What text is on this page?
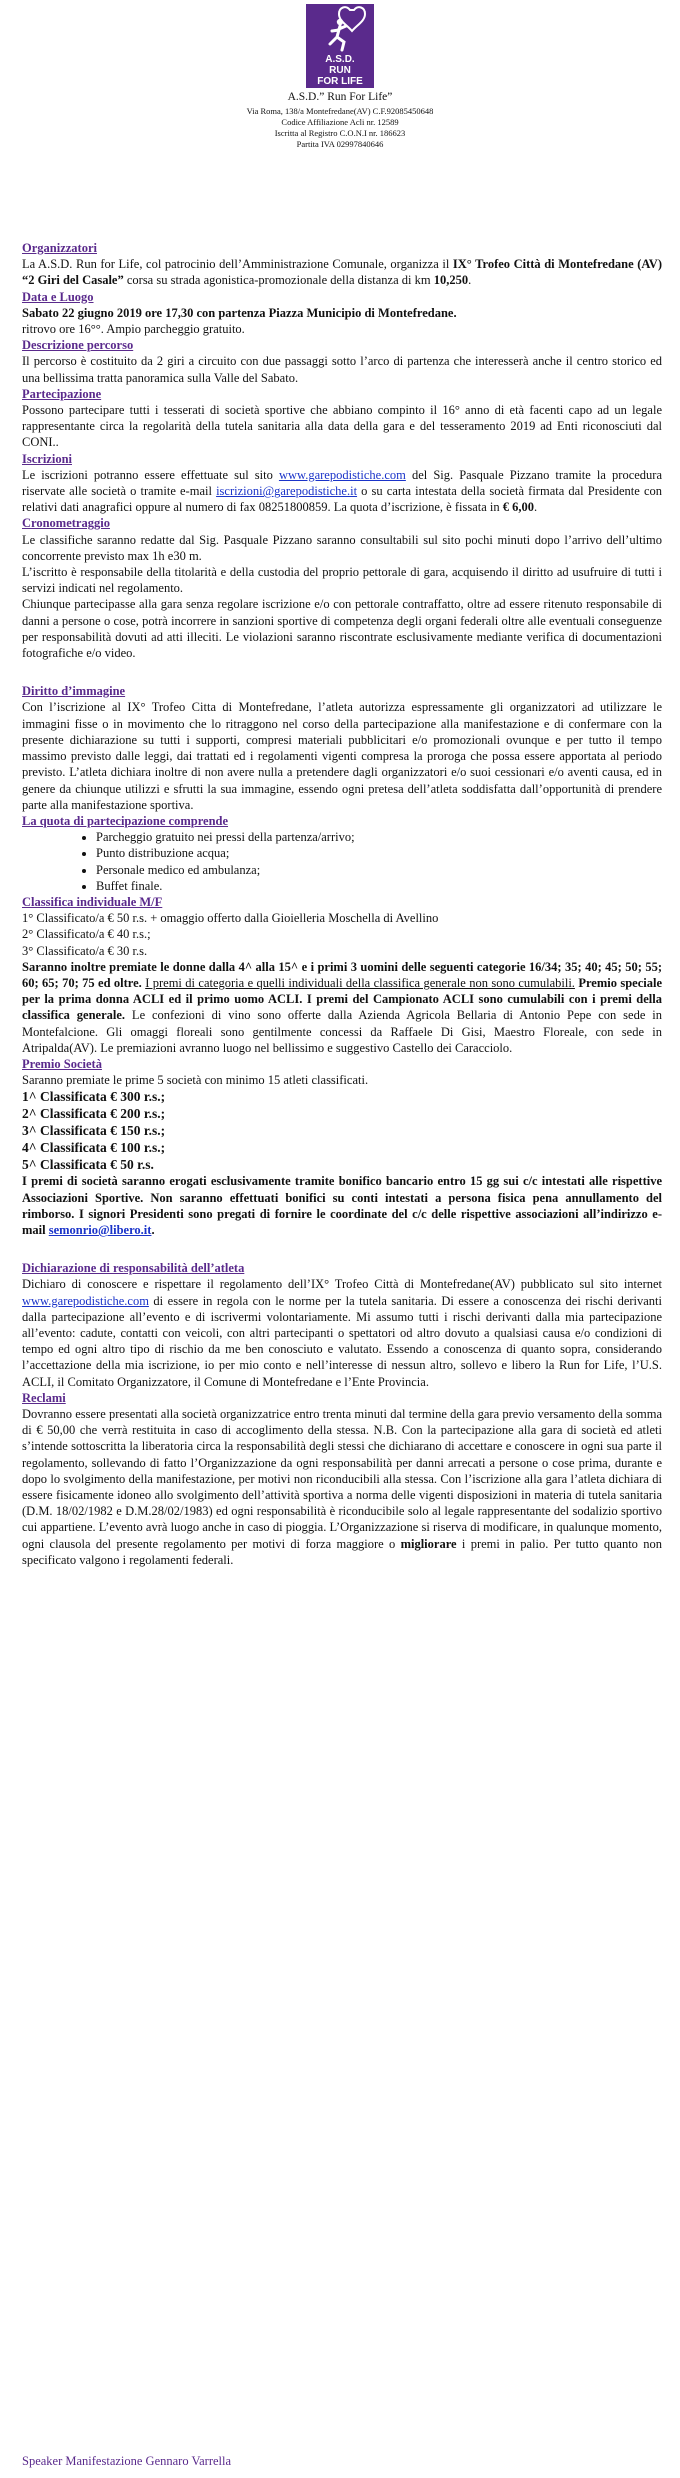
A.S.D.
RUN
FOR LIFE
A.S.D.” Run For Life”
Via Roma, 138/a Montefredane(AV) C.F.92085450648
Codice Affiliazione Acli nr. 12589
Iscritta al Registro C.O.N.I nr. 186623
Partita IVA 02997840646
Organizzatori

La A.S.D. Run for Life, col patrocinio dell’Amministrazione Comunale, organizza il IX° Trofeo Città di Montefredane (AV) “2 Giri del Casale” corsa su strada agonistica-promozionale della distanza di km 10,250.

Data e Luogo

Sabato 22 giugno 2019 ore 17,30 con partenza Piazza Municipio di Montefredane.
ritrovo ore 16°°. Ampio parcheggio gratuito.

Descrizione percorso

Il percorso è costituito da 2 giri a circuito con due passaggi sotto l’arco di partenza che interesserà anche il centro storico ed una bellissima tratta panoramica sulla Valle del Sabato.

Partecipazione

Possono partecipare tutti i tesserati di società sportive che abbiano compinto il 16° anno di età facenti capo ad un legale rappresentante circa la regolarità della tutela sanitaria alla data della gara e del tesseramento 2019 ad Enti riconosciuti dal CONI..

Iscrizioni

Le iscrizioni potranno essere effettuate sul sito www.garepodistiche.com del Sig. Pasquale Pizzano tramite la procedura riservate alle società o tramite e-mail iscrizioni@garepodistiche.it o su carta intestata della società firmata dal Presidente con relativi dati anagrafici oppure al numero di fax 08251800859. La quota d’iscrizione, è fissata in € 6,00.

Cronometraggio

Le classifiche saranno redatte dal Sig. Pasquale Pizzano saranno consultabili sul sito pochi minuti dopo l’arrivo dell’ultimo concorrente previsto max 1h e30 m.

L’iscritto è responsabile della titolarità e della custodia del proprio pettorale di gara, acquisendo il diritto ad usufruire di tutti i servizi indicati nel regolamento.

Chiunque partecipasse alla gara senza regolare iscrizione e/o con pettorale contraffatto, oltre ad essere ritenuto responsabile di danni a persone o cose, potrà incorrere in sanzioni sportive di competenza degli organi federali oltre alle eventuali conseguenze per responsabilità dovuti ad atti illeciti. Le violazioni saranno riscontrate esclusivamente mediante verifica di documentazioni fotografiche e/o video.

Diritto d’immagine

Con l’iscrizione al IX° Trofeo Citta di Montefredane, l’atleta autorizza espressamente gli organizzatori ad utilizzare le immagini fisse o in movimento che lo ritraggono nel corso della partecipazione alla manifestazione e di confermare con la presente dichiarazione su tutti i supporti, compresi materiali pubblicitari e/o promozionali ovunque e per tutto il tempo massimo previsto dalle leggi, dai trattati ed i regolamenti vigenti compresa la proroga che possa essere apportata al periodo previsto. L’atleta dichiara inoltre di non avere nulla a pretendere dagli organizzatori e/o suoi cessionari e/o aventi causa, ed in genere da chiunque utilizzi e sfrutti la sua immagine, essendo ogni pretesa dell’atleta soddisfatta dall’opportunità di prendere parte alla manifestazione sportiva.

La quota di partecipazione comprende
• Parcheggio gratuito nei pressi della partenza/arrivo;
• Punto distribuzione acqua;
• Personale medico ed ambulanza;
• Buffet finale.
Classifica individuale M/F

1° Classificato/a € 50 r.s. + omaggio offerto dalla Gioielleria Moschella di Avellino

2° Classificato/a € 40 r.s.;

3° Classificato/a € 30 r.s.

Saranno inoltre premiate le donne dalla 4^ alla 15^ e i primi 3 uomini delle seguenti categorie 16/34; 35; 40; 45; 50; 55; 60; 65; 70; 75 ed oltre. I premi di categoria e quelli individuali della classifica generale non sono cumulabili. Premio speciale per la prima donna ACLI ed il primo uomo ACLI. I premi del Campionato ACLI sono cumulabili con i premi della classifica generale. Le confezioni di vino sono offerte dalla Azienda Agricola Bellaria di Antonio Pepe con sede in Montefalcione. Gli omaggi floreali sono gentilmente concessi da Raffaele Di Gisi, Maestro Floreale, con sede in Atripalda(AV). Le premiazioni avranno luogo nel bellissimo e suggestivo Castello dei Caracciolo.

Premio Società

Saranno premiate le prime 5 società con minimo 15 atleti classificati.

1^ Classificata € 300 r.s.;
2^ Classificata € 200 r.s.;
3^ Classificata € 150 r.s.;
4^ Classificata € 100 r.s.;
5^ Classificata € 50 r.s.

I premi di società saranno erogati esclusivamente tramite bonifico bancario entro 15 gg sui c/c intestati alle rispettive Associazioni Sportive. Non saranno effettuati bonifici su conti intestati a persona fisica pena annullamento del rimborso. I signori Presidenti sono pregati di fornire le coordinate del c/c delle rispettive associazioni all’indirizzo e-mail semonrio@libero.it.

Dichiarazione di responsabilità dell’atleta

Dichiaro di conoscere e rispettare il regolamento dell’IX° Trofeo Città di Montefredane(AV) pubblicato sul sito internet www.garepodistiche.com di essere in regola con le norme per la tutela sanitaria. Di essere a conoscenza dei rischi derivanti dalla partecipazione all’evento e di iscrivermi volontariamente. Mi assumo tutti i rischi derivanti dalla mia partecipazione all’evento: cadute, contatti con veicoli, con altri partecipanti o spettatori od altro dovuto a qualsiasi causa e/o condizioni di tempo ed ogni altro tipo di rischio da me ben conosciuto e valutato. Essendo a conoscenza di quanto sopra, considerando l’accettazione della mia iscrizione, io per mio conto e nell’interesse di nessun altro, sollevo e libero la Run for Life, l’U.S. ACLI, il Comitato Organizzatore, il Comune di Montefredane e l’Ente Provincia.

Reclami

Dovranno essere presentati alla società organizzatrice entro trenta minuti dal termine della gara previo versamento della somma di € 50,00 che verrà restituita in caso di accoglimento della stessa. N.B. Con la partecipazione alla gara di società ed atleti s’intende sottoscritta la liberatoria circa la responsabilità degli stessi che dichiarano di accettare e conoscere in ogni sua parte il regolamento, sollevando di fatto l’Organizzazione da ogni responsabilità per danni arrecati a persone o cose prima, durante e dopo lo svolgimento della manifestazione, per motivi non riconducibili alla stessa. Con l’iscrizione alla gara l’atleta dichiara di essere fisicamente idoneo allo svolgimento dell’attività sportiva a norma delle vigenti disposizioni in materia di tutela sanitaria (D.M. 18/02/1982 e D.M.28/02/1983) ed ogni responsabilità è riconducibile solo al legale rappresentante del sodalizio sportivo cui appartiene. L’evento avrà luogo anche in caso di pioggia. L’Organizzazione si riserva di modificare, in qualunque momento, ogni clausola del presente regolamento per motivi di forza maggiore o migliorare i premi in palio. Per tutto quanto non specificato valgono i regolamenti federali.

Speaker Manifestazione Gennaro Varrella
